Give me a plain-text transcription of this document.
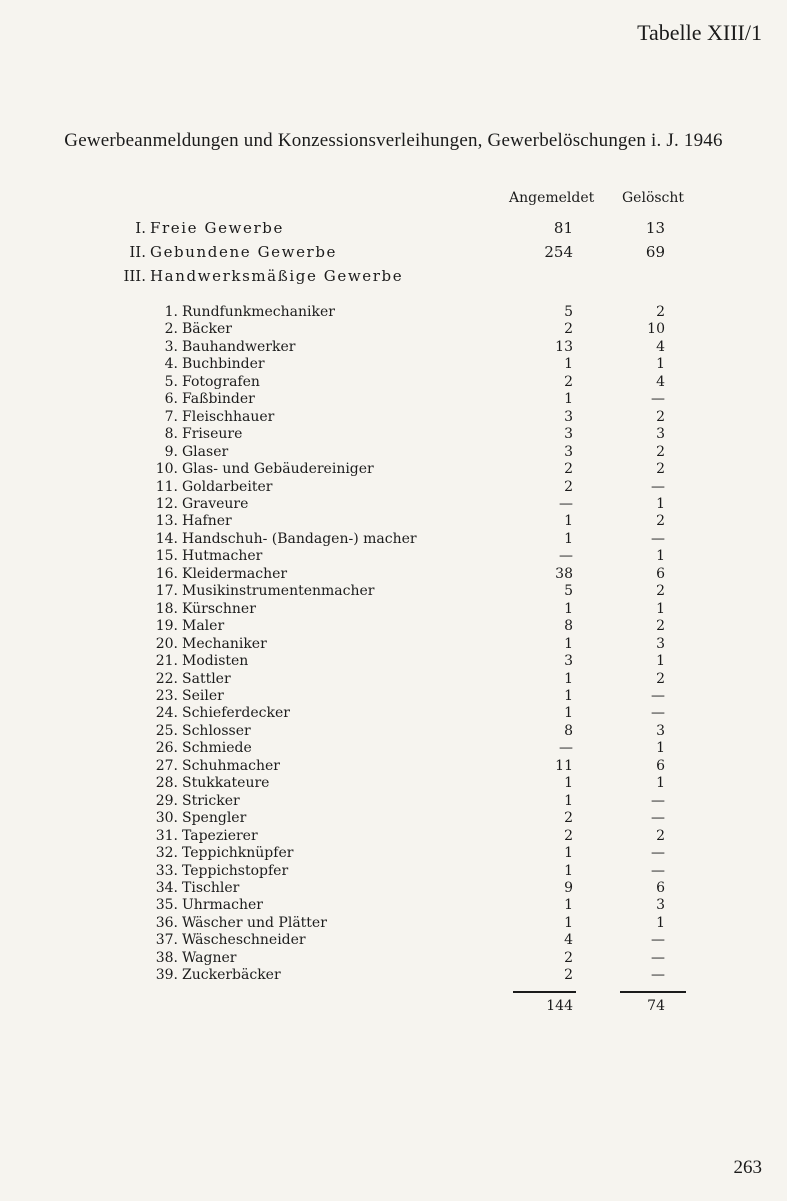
Tabelle XIII/1
Gewerbeanmeldungen und Konzessionsverleihungen, Gewerbelöschungen i. J. 1946
Angemeldet Gelöscht
I. Freie Gewerbe	81	13
II. Gebundene Gewerbe	254	69
III. Handwerksmäßige Gewerbe
1. Rundfunkmechaniker	5	2
2. Bäcker	2	10
3. Bauhandwerker	13	4
4. Buchbinder	1	1
5. Fotografen	2	4
6. Faßbinder	1	—
7. Fleischhauer	3	2
8. Friseure	3	3
9. Glaser	3	2
10. Glas- und Gebäudereiniger	2	2
11. Goldarbeiter	2	—
12. Graveure	—	1
13. Hafner	1	2
14. Handschuh- (Bandagen-) macher	1	—
15. Hutmacher	—	1
16. Kleidermacher	38	6
17. Musikinstrumentenmacher	5	2
18. Kürschner	1	1
19. Maler	8	2
20. Mechaniker	1	3
21. Modisten	3	1
22. Sattler	1	2
23. Seiler	1	—
24. Schieferdecker	1	—
25. Schlosser	8	3
26. Schmiede	—	1
27. Schuhmacher	11	6
28. Stukkateure	1	1
29. Stricker	1	—
30. Spengler	2	—
31. Tapezierer	2	2
32. Teppichknüpfer	1	—
33. Teppichstopfer	1	—
34. Tischler	9	6
35. Uhrmacher	1	3
36. Wäscher und Plätter	1	1
37. Wäscheschneider	4	—
38. Wagner	2	—
39. Zuckerbäcker	2	—
144	74
263
